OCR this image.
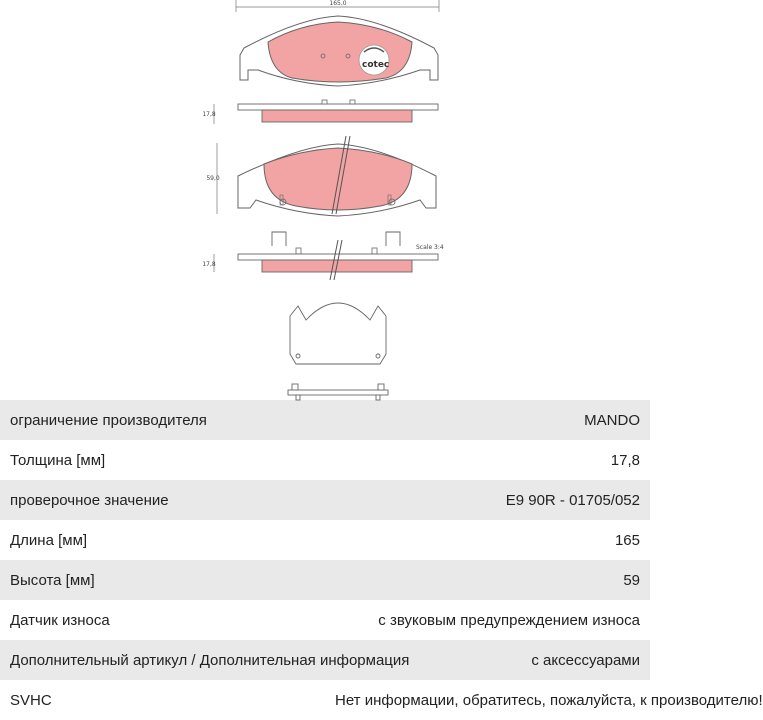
165,0
cotec
17,8
59,0
17,8
Scale 3:4
ограничение производителя	MANDO
Толщина [мм]	17,8
проверочное значение	E9 90R - 01705/052
Длина [мм]	165
Высота [мм]	59
Датчик износа	с звуковым предупреждением износа
Дополнительный артикул / Дополнительная информация	с аксессуарами
SVHC	Нет информации, обратитесь, пожалуйста, к производителю!
